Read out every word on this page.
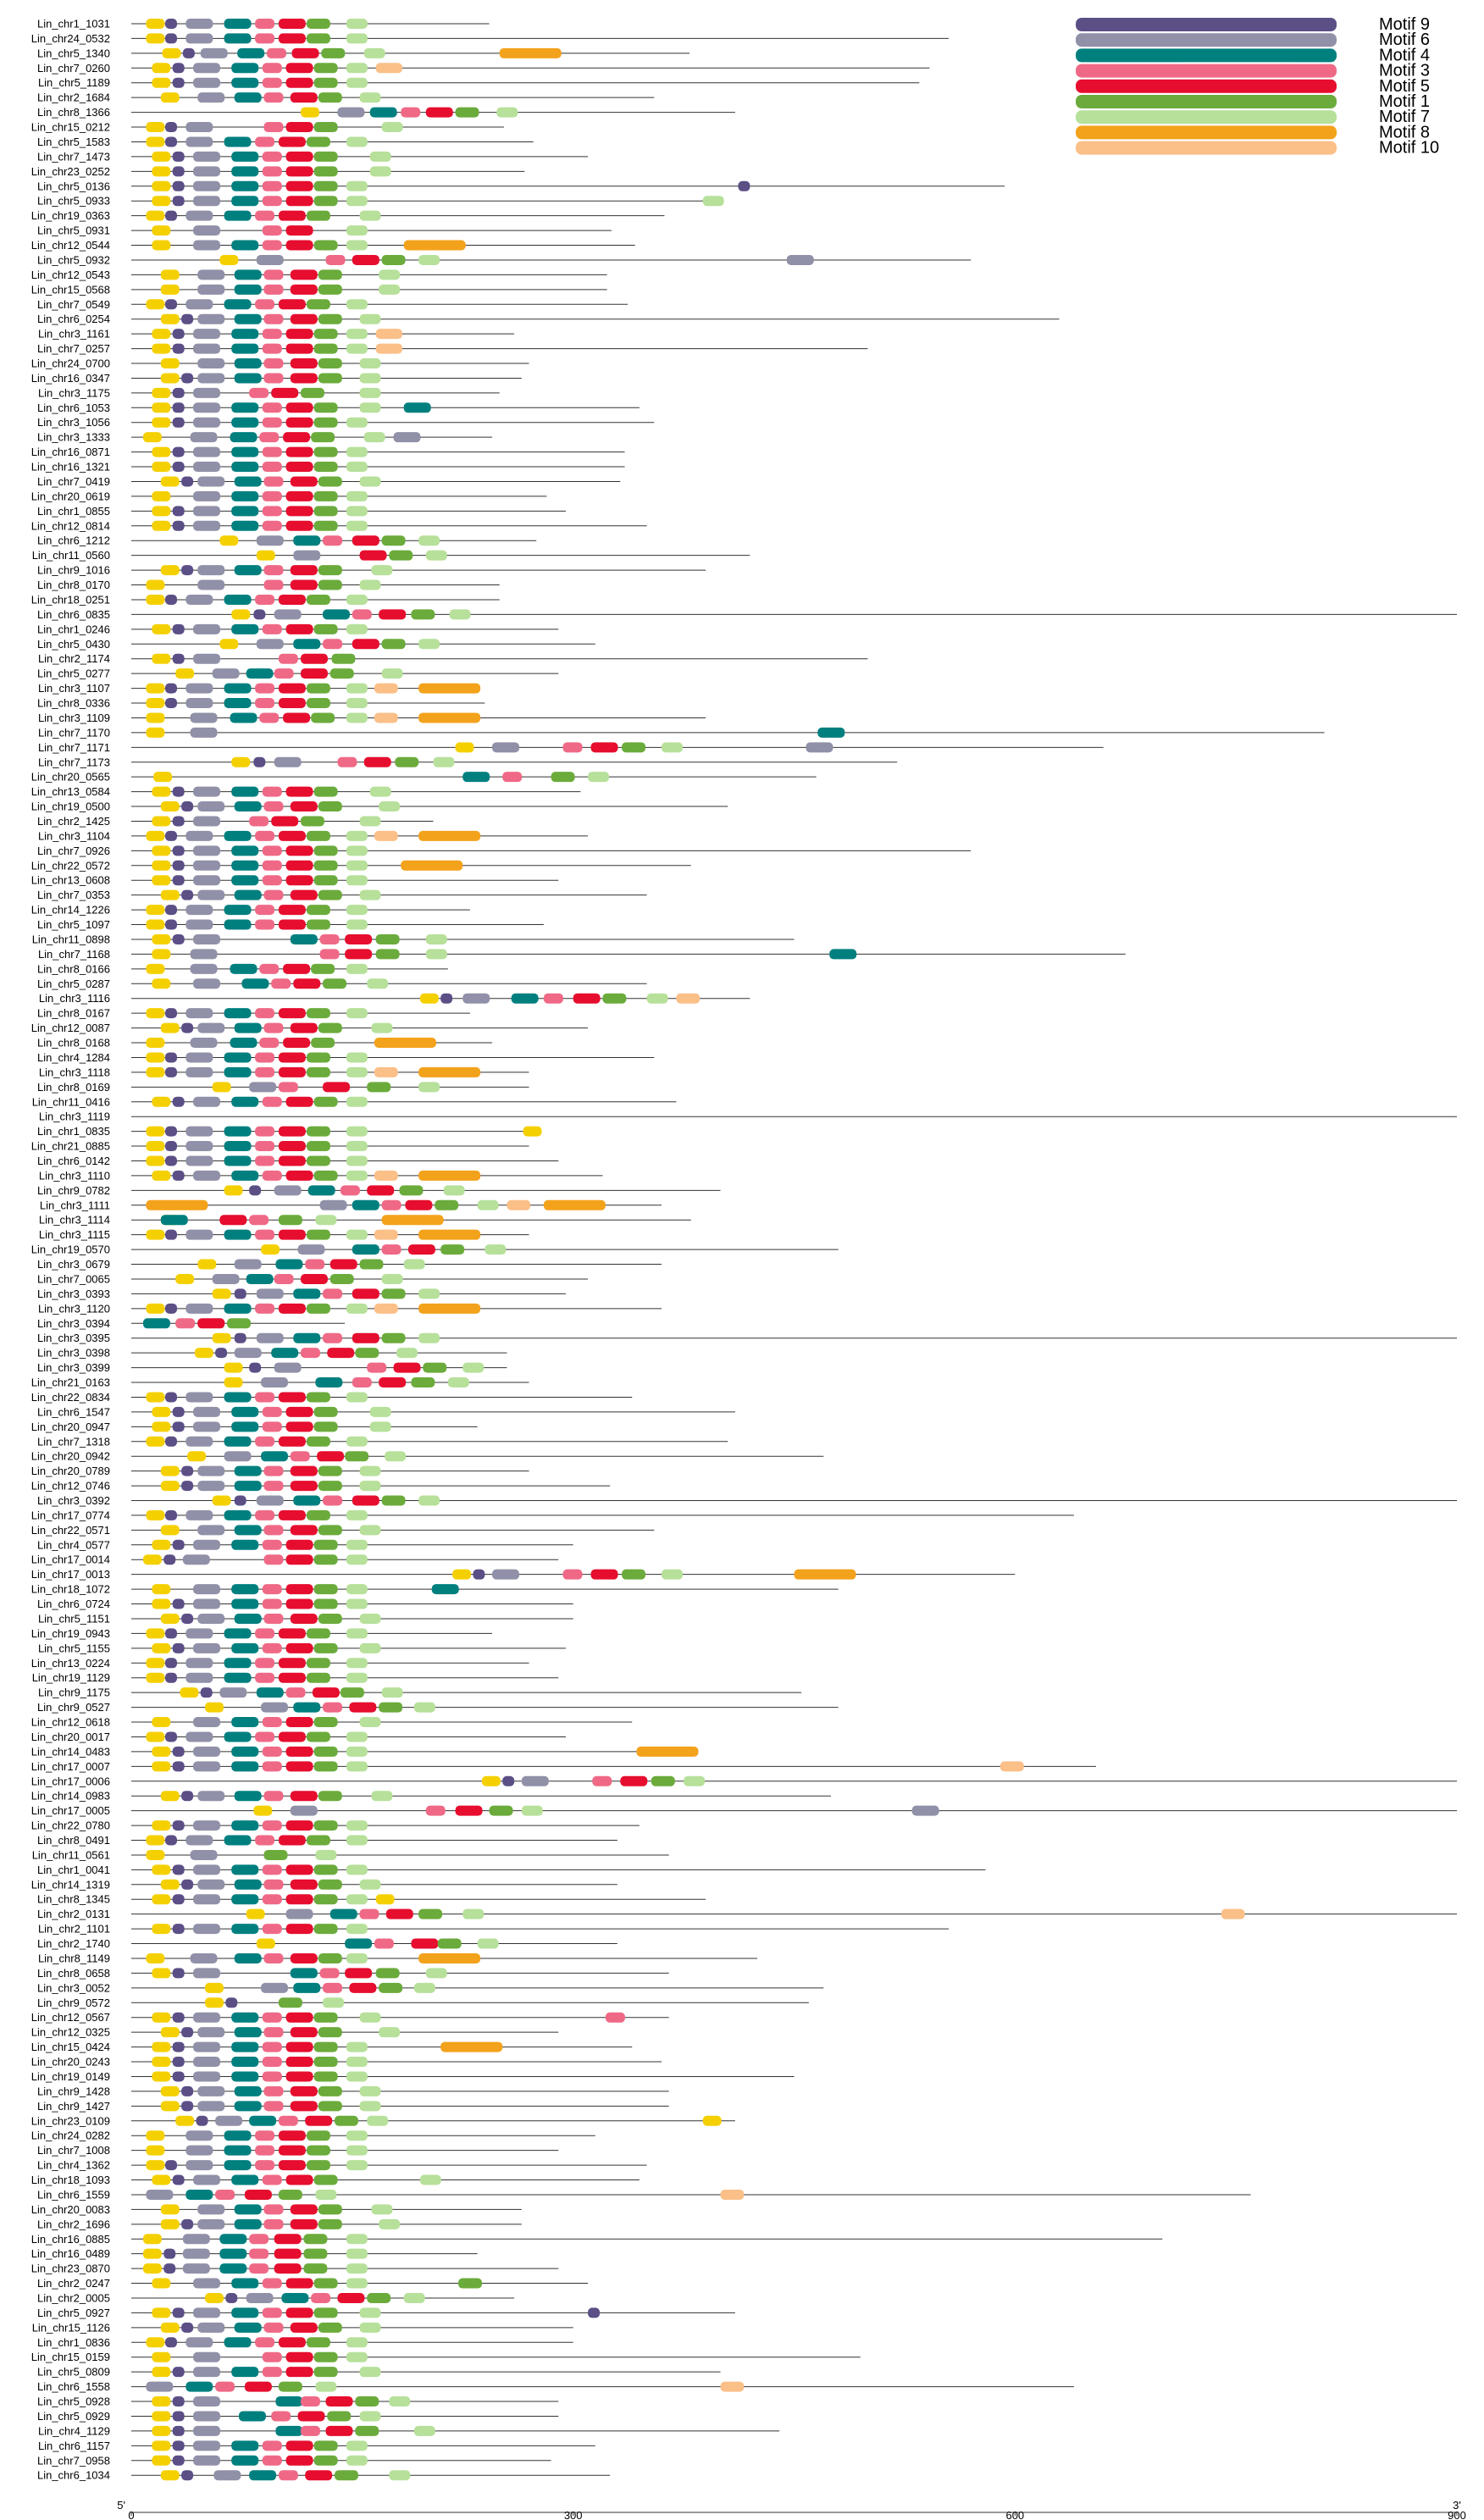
Motif 9
Motif 6
Motif 4
Motif 3
Motif 5
Motif 1
Motif 7
Motif 8
Motif 10
Lin_chr1_1031
Lin_chr24_0532
Lin_chr5_1340
Lin_chr7_0260
Lin_chr5_1189
Lin_chr2_1684
Lin_chr8_1366
Lin_chr15_0212
Lin_chr5_1583
Lin_chr7_1473
Lin_chr23_0252
Lin_chr5_0136
Lin_chr5_0933
Lin_chr19_0363
Lin_chr5_0931
Lin_chr12_0544
Lin_chr5_0932
Lin_chr12_0543
Lin_chr15_0568
Lin_chr7_0549
Lin_chr6_0254
Lin_chr3_1161
Lin_chr7_0257
Lin_chr24_0700
Lin_chr16_0347
Lin_chr3_1175
Lin_chr6_1053
Lin_chr3_1056
Lin_chr3_1333
Lin_chr16_0871
Lin_chr16_1321
Lin_chr7_0419
Lin_chr20_0619
Lin_chr1_0855
Lin_chr12_0814
Lin_chr6_1212
Lin_chr11_0560
Lin_chr9_1016
Lin_chr8_0170
Lin_chr18_0251
Lin_chr6_0835
Lin_chr1_0246
Lin_chr5_0430
Lin_chr2_1174
Lin_chr5_0277
Lin_chr3_1107
Lin_chr8_0336
Lin_chr3_1109
Lin_chr7_1170
Lin_chr7_1171
Lin_chr7_1173
Lin_chr20_0565
Lin_chr13_0584
Lin_chr19_0500
Lin_chr2_1425
Lin_chr3_1104
Lin_chr7_0926
Lin_chr22_0572
Lin_chr13_0608
Lin_chr7_0353
Lin_chr14_1226
Lin_chr5_1097
Lin_chr11_0898
Lin_chr7_1168
Lin_chr8_0166
Lin_chr5_0287
Lin_chr3_1116
Lin_chr8_0167
Lin_chr12_0087
Lin_chr8_0168
Lin_chr4_1284
Lin_chr3_1118
Lin_chr8_0169
Lin_chr11_0416
Lin_chr3_1119
Lin_chr1_0835
Lin_chr21_0885
Lin_chr6_0142
Lin_chr3_1110
Lin_chr9_0782
Lin_chr3_1111
Lin_chr3_1114
Lin_chr3_1115
Lin_chr19_0570
Lin_chr3_0679
Lin_chr7_0065
Lin_chr3_0393
Lin_chr3_1120
Lin_chr3_0394
Lin_chr3_0395
Lin_chr3_0398
Lin_chr3_0399
Lin_chr21_0163
Lin_chr22_0834
Lin_chr6_1547
Lin_chr20_0947
Lin_chr7_1318
Lin_chr20_0942
Lin_chr20_0789
Lin_chr12_0746
Lin_chr3_0392
Lin_chr17_0774
Lin_chr22_0571
Lin_chr4_0577
Lin_chr17_0014
Lin_chr17_0013
Lin_chr18_1072
Lin_chr6_0724
Lin_chr5_1151
Lin_chr19_0943
Lin_chr5_1155
Lin_chr13_0224
Lin_chr19_1129
Lin_chr9_1175
Lin_chr9_0527
Lin_chr12_0618
Lin_chr20_0017
Lin_chr14_0483
Lin_chr17_0007
Lin_chr17_0006
Lin_chr14_0983
Lin_chr17_0005
Lin_chr22_0780
Lin_chr8_0491
Lin_chr11_0561
Lin_chr1_0041
Lin_chr14_1319
Lin_chr8_1345
Lin_chr2_0131
Lin_chr2_1101
Lin_chr2_1740
Lin_chr8_1149
Lin_chr8_0658
Lin_chr3_0052
Lin_chr9_0572
Lin_chr12_0567
Lin_chr12_0325
Lin_chr15_0424
Lin_chr20_0243
Lin_chr19_0149
Lin_chr9_1428
Lin_chr9_1427
Lin_chr23_0109
Lin_chr24_0282
Lin_chr7_1008
Lin_chr4_1362
Lin_chr18_1093
Lin_chr6_1559
Lin_chr20_0083
Lin_chr2_1696
Lin_chr16_0885
Lin_chr16_0489
Lin_chr23_0870
Lin_chr2_0247
Lin_chr2_0005
Lin_chr5_0927
Lin_chr15_1126
Lin_chr1_0836
Lin_chr15_0159
Lin_chr5_0809
Lin_chr6_1558
Lin_chr5_0928
Lin_chr5_0929
Lin_chr4_1129
Lin_chr6_1157
Lin_chr7_0958
Lin_chr6_1034
5'	3'
0	300	600	900
